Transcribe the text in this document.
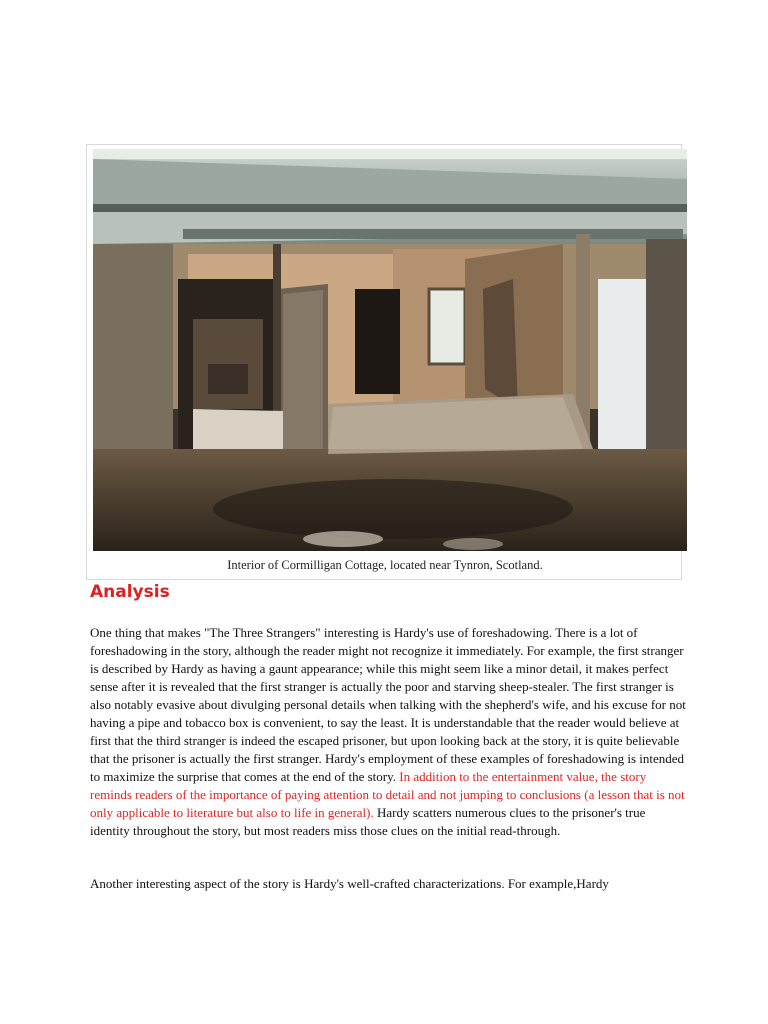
Interior of Cormilligan Cottage, located near Tynron, Scotland.
Analysis

One thing that makes "The Three Strangers" interesting is Hardy's use of foreshadowing. There is a lot of foreshadowing in the story, although the reader might not recognize it immediately. For example, the first stranger is described by Hardy as having a gaunt appearance; while this might seem like a minor detail, it makes perfect sense after it is revealed that the first stranger is actually the poor and starving sheep-stealer. The first stranger is also notably evasive about divulging personal details when talking with the shepherd's wife, and his excuse for not having a pipe and tobacco box is convenient, to say the least. It is understandable that the reader would believe at first that the third stranger is indeed the escaped prisoner, but upon looking back at the story, it is quite believable that the prisoner is actually the first stranger. Hardy's employment of these examples of foreshadowing is intended to maximize the surprise that comes at the end of the story. In addition to the entertainment value, the story reminds readers of the importance of paying attention to detail and not jumping to conclusions (a lesson that is not only applicable to literature but also to life in general). Hardy scatters numerous clues to the prisoner's true identity throughout the story, but most readers miss those clues on the initial read-through.

Another interesting aspect of the story is Hardy's well-crafted characterizations. For example,Hardy
